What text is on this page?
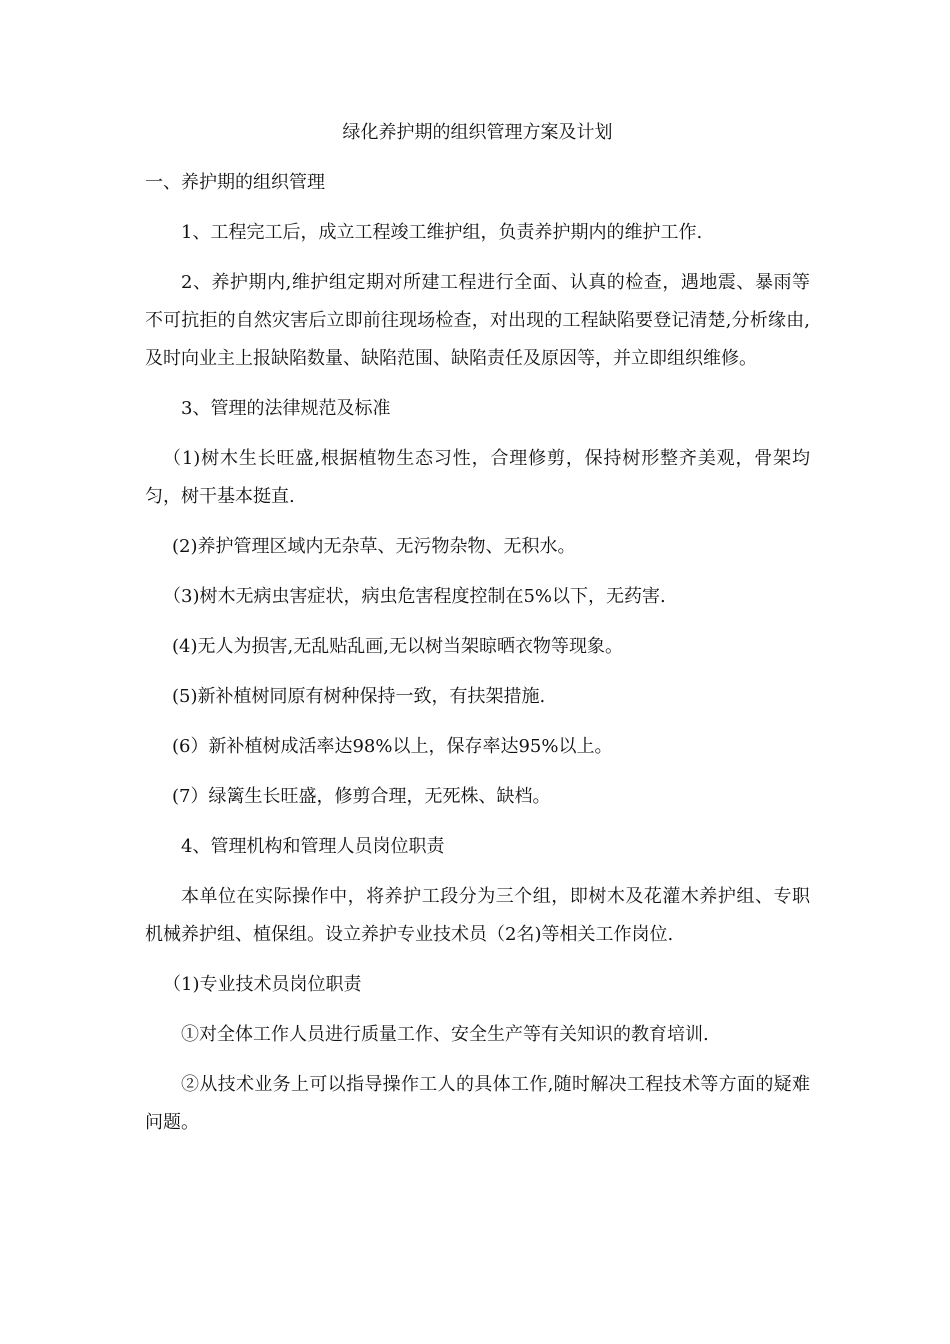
绿化养护期的组织管理方案及计划

一、养护期的组织管理

1、工程完工后，成立工程竣工维护组，负责养护期内的维护工作.

2、养护期内,维护组定期对所建工程进行全面、认真的检查，遇地震、暴雨等不可抗拒的自然灾害后立即前往现场检查，对出现的工程缺陷要登记清楚,分析缘由,及时向业主上报缺陷数量、缺陷范围、缺陷责任及原因等，并立即组织维修。

3、管理的法律规范及标准

（1)树木生长旺盛,根据植物生态习性，合理修剪，保持树形整齐美观，骨架均匀，树干基本挺直.

(2)养护管理区域内无杂草、无污物杂物、无积水。

（3)树木无病虫害症状，病虫危害程度控制在5%以下，无药害.

(4)无人为损害,无乱贴乱画,无以树当架晾晒衣物等现象。

(5)新补植树同原有树种保持一致，有扶架措施.

(6）新补植树成活率达98%以上，保存率达95%以上。

(7）绿篱生长旺盛，修剪合理，无死株、缺档。

4、管理机构和管理人员岗位职责

本单位在实际操作中，将养护工段分为三个组，即树木及花灌木养护组、专职机械养护组、植保组。设立养护专业技术员（2名)等相关工作岗位.

（1)专业技术员岗位职责

①对全体工作人员进行质量工作、安全生产等有关知识的教育培训.

②从技术业务上可以指导操作工人的具体工作,随时解决工程技术等方面的疑难问题。
